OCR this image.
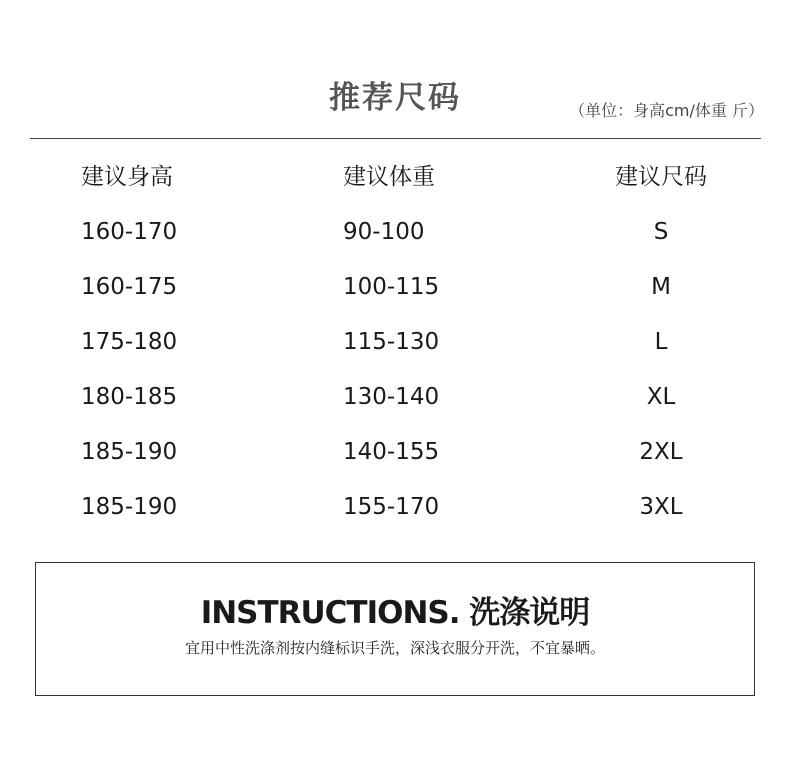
推荐尺码	（单位：身高cm/体重 斤）
建议身高	建议体重	建议尺码
160-170	90-100	S
160-175	100-115	M
175-180	115-130	L
180-185	130-140	XL
185-190	140-155	2XL
185-190	155-170	3XL
INSTRUCTIONS. 洗涤说明
宜用中性洗涤剂按内缝标识手洗，深浅衣服分开洗，不宜暴晒。
